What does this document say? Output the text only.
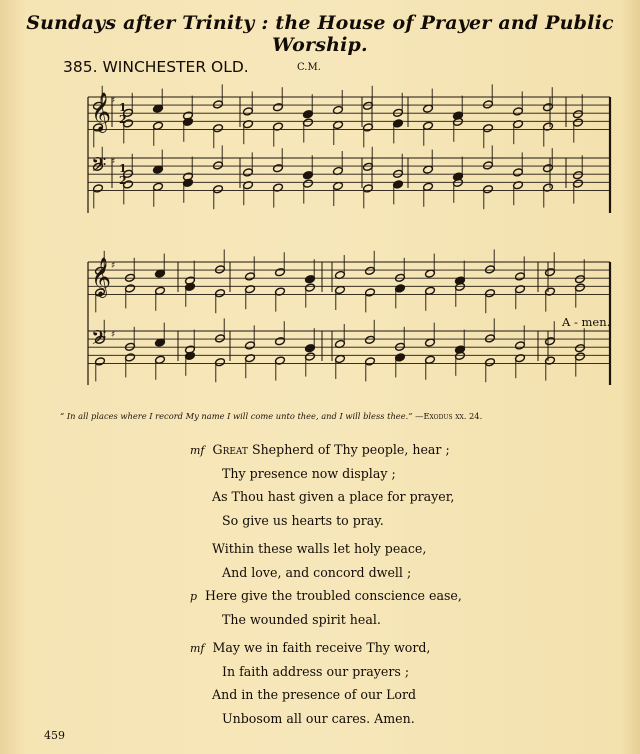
Sundays after Trinity : the House of Prayer and Public Worship.
385. WINCHESTER OLD.	C.M.
𝄞 ♯
𝄢 ♯
𝄞 ♯
𝄢 ♯
1
2
1
2
A - men.
“ In all places where I record My name I will come unto thee, and I will bless thee.” —Exodus xx. 24.
mf Great Shepherd of Thy people, hear ;
Thy presence now display ;
As Thou hast given a place for prayer,
So give us hearts to pray.
Within these walls let holy peace,
And love, and concord dwell ;
p Here give the troubled conscience ease,
The wounded spirit heal.
mf May we in faith receive Thy word,
In faith address our prayers ;
And in the presence of our Lord
Unbosom all our cares. Amen.
459
